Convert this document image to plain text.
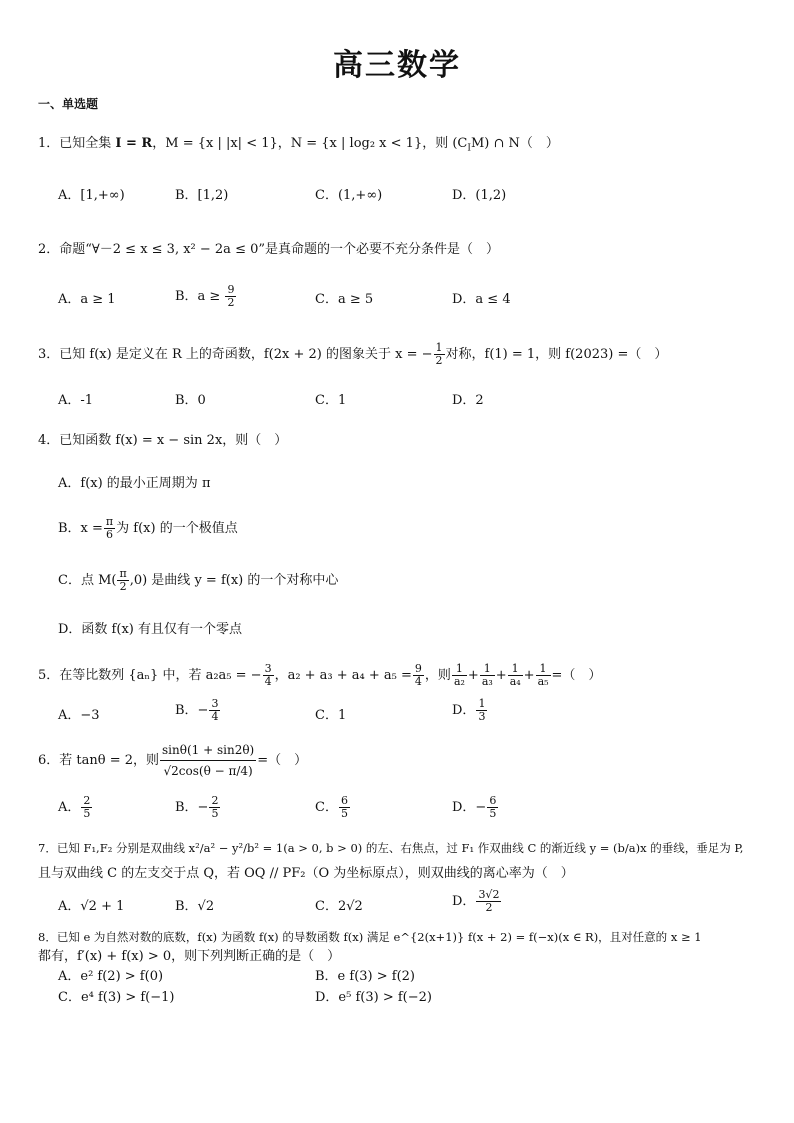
高三数学
一、单选题
1．已知全集 I = R，M = {x | |x| < 1}，N = {x | log₂ x < 1}，则 $(C_IM)$ ∩ N（　）
A．[1,+∞)	B．[1,2)	C．(1,+∞)	D．(1,2)
2．命题“∀－2 ≤ x ≤ 3, x² − 2a ≤ 0”是真命题的一个必要不充分条件是（　）
A．a ≥ 1	B．$a \ge \frac{9}{2}$	C．a ≥ 5	D．a ≤ 4
3．已知 f(x) 是定义在 R 上的奇函数，f(2x + 2) 的图象关于 x = − $\frac{1}{2}$ 对称，f(1) = 1，则 f(2023) =（　）
A．-1	B．0	C．1	D．2
4．已知函数 f(x) = x − sin 2x，则（　）
A．f(x) 的最小正周期为 π
B．$x = \frac{\pi}{6}$ 为 f(x) 的一个极值点
C．点 $M( \frac{\pi}{2} ,0)$ 是曲线 y = f(x) 的一个对称中心
D．函数 f(x) 有且仅有一个零点
5．在等比数列 {aₙ} 中，若 a₂a₅ = − $\frac{3}{4}$ ，$a_2 + a_3 + a_4 + a_5 = \frac{9}{4}$ ，则 $\frac{1}{\text{a₂}} + \frac{1}{\text{a₃}} + \frac{1}{\text{a₄}} + \frac{1}{\text{a₅}}$ =（　）
A．−3	B．− $\frac{3}{4}$	C．1	D． $\frac{1}{3}$
6．若 tanθ = 2，则 $\frac{\sin\theta(1 + \sin 2\theta)}{√2\cos(\theta - \pi/4)}$ =（　）
A． $\frac{2}{5}$	B．− $\frac{2}{5}$	C． $\frac{6}{5}$	D．− $\frac{6}{5}$
7．已知 F₁,F₂ 分别是双曲线 x²/a² − y²/b² = 1(a > 0, b > 0) 的左、右焦点，过 F₁ 作双曲线 C 的渐近线 y = (b/a)x 的垂线，垂足为 P,
且与双曲线 C 的左支交于点 Q，若 OQ // PF₂（O 为坐标原点），则双曲线的离心率为（　）
A．√2 + 1	B．√2	C．2√2	D． $\frac{3√2}{2}$
8．已知 e 为自然对数的底数，f(x) 为函数 f(x) 的导数函数 f(x) 满足 e^{2(x+1)} f(x + 2) = f(−x)(x ∈ R)，且对任意的 x ≥ 1
都有，f′(x) + f(x) > 0，则下列判断正确的是（　）
A．e² f(2) > f(0)	B．e f(3) > f(2)
C．e⁴ f(3) > f(−1)	D．e⁵ f(3) > f(−2)
